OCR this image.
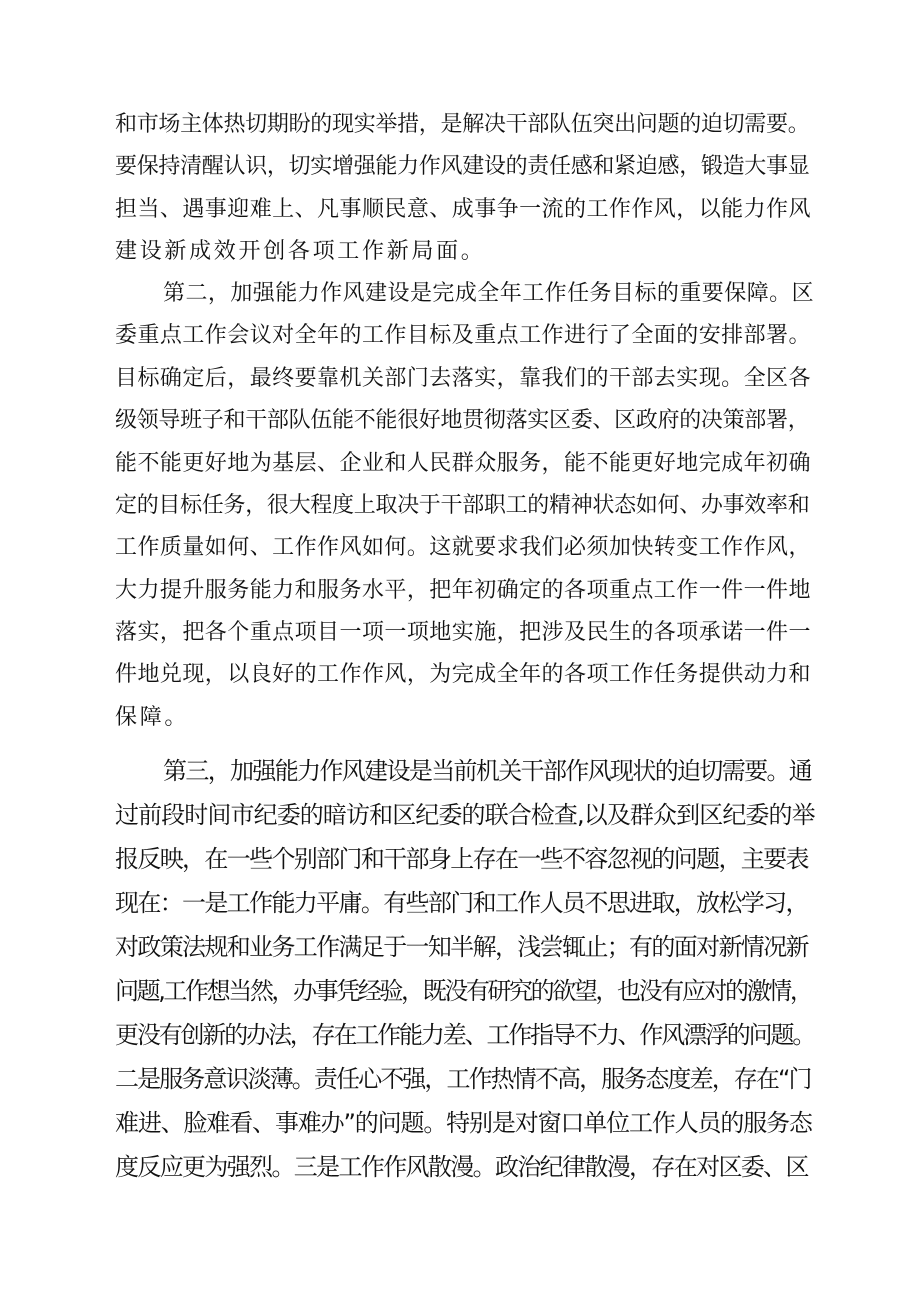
和市场主体热切期盼的现实举措，是解决干部队伍突出问题的迫切需要。
要保持清醒认识，切实增强能力作风建设的责任感和紧迫感，锻造大事显
担当、遇事迎难上、凡事顺民意、成事争一流的工作作风，以能力作风
建设新成效开创各项工作新局面。
第二，加强能力作风建设是完成全年工作任务目标的重要保障。区
委重点工作会议对全年的工作目标及重点工作进行了全面的安排部署。
目标确定后，最终要靠机关部门去落实，靠我们的干部去实现。全区各
级领导班子和干部队伍能不能很好地贯彻落实区委、区政府的决策部署，
能不能更好地为基层、企业和人民群众服务，能不能更好地完成年初确
定的目标任务，很大程度上取决于干部职工的精神状态如何、办事效率和
工作质量如何、工作作风如何。这就要求我们必须加快转变工作作风，
大力提升服务能力和服务水平，把年初确定的各项重点工作一件一件地
落实，把各个重点项目一项一项地实施，把涉及民生的各项承诺一件一
件地兑现，以良好的工作作风，为完成全年的各项工作任务提供动力和
保障。
第三，加强能力作风建设是当前机关干部作风现状的迫切需要。通
过前段时间市纪委的暗访和区纪委的联合检查,以及群众到区纪委的举
报反映，在一些个别部门和干部身上存在一些不容忽视的问题，主要表
现在：一是工作能力平庸。有些部门和工作人员不思进取，放松学习，
对政策法规和业务工作满足于一知半解，浅尝辄止；有的面对新情况新
问题,工作想当然，办事凭经验，既没有研究的欲望，也没有应对的激情，
更没有创新的办法，存在工作能力差、工作指导不力、作风漂浮的问题。
二是服务意识淡薄。责任心不强，工作热情不高，服务态度差，存在“门
难进、脸难看、事难办”的问题。特别是对窗口单位工作人员的服务态
度反应更为强烈。三是工作作风散漫。政治纪律散漫，存在对区委、区
